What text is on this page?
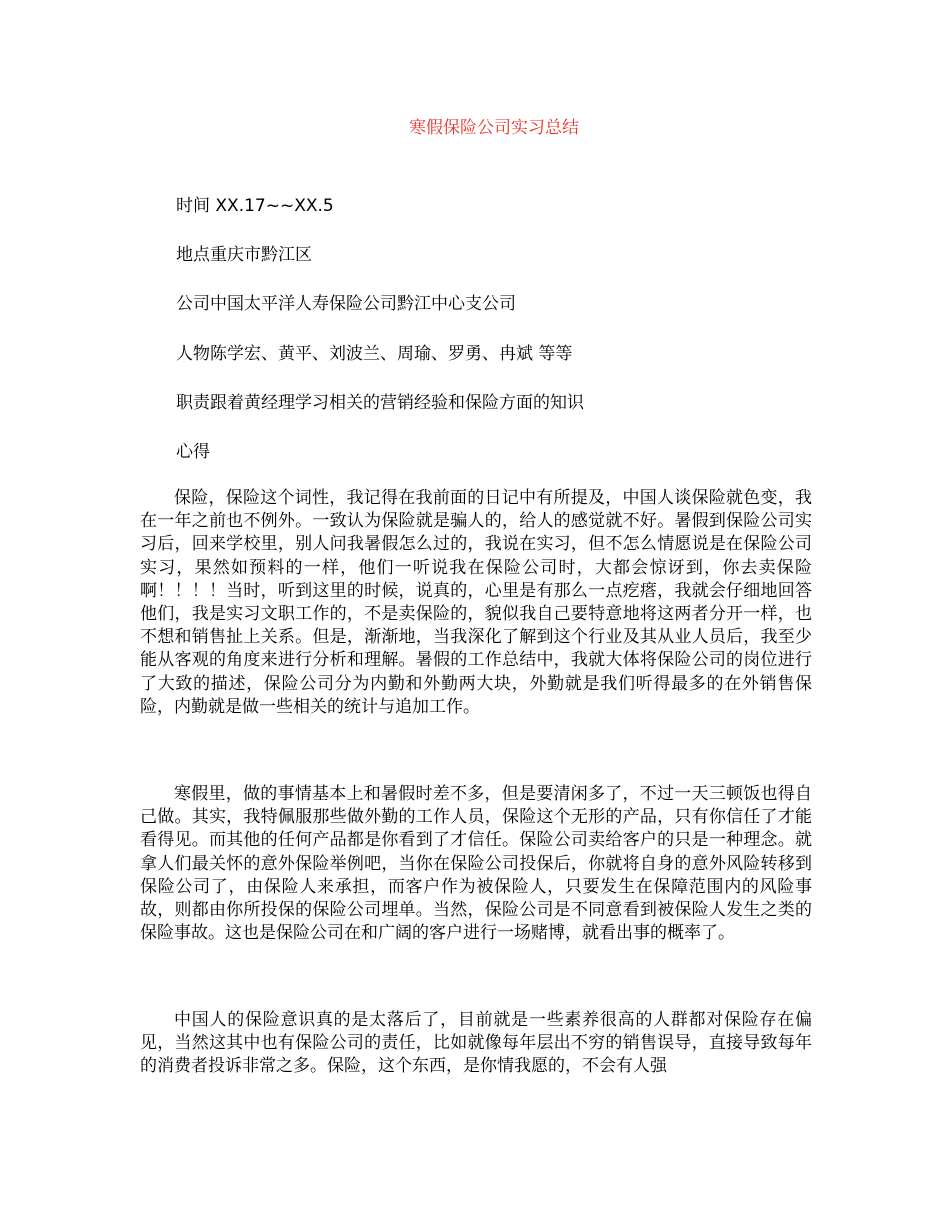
寒假保险公司实习总结
时间 XX.17~~XX.5
地点重庆市黔江区
公司中国太平洋人寿保险公司黔江中心支公司
人物陈学宏、黄平、刘波兰、周瑜、罗勇、冉斌 等等
职责跟着黄经理学习相关的营销经验和保险方面的知识
心得

保险，保险这个词性，我记得在我前面的日记中有所提及，中国人谈保险就色变，我在一年之前也不例外。一致认为保险就是骗人的，给人的感觉就不好。暑假到保险公司实习后，回来学校里，别人问我暑假怎么过的，我说在实习，但不怎么情愿说是在保险公司实习，果然如预料的一样，他们一听说我在保险公司时，大都会惊讶到，你去卖保险啊！！！！当时，听到这里的时候，说真的，心里是有那么一点疙瘩，我就会仔细地回答他们，我是实习文职工作的，不是卖保险的，貌似我自己要特意地将这两者分开一样，也不想和销售扯上关系。但是，渐渐地，当我深化了解到这个行业及其从业人员后，我至少能从客观的角度来进行分析和理解。暑假的工作总结中，我就大体将保险公司的岗位进行了大致的描述，保险公司分为内勤和外勤两大块，外勤就是我们听得最多的在外销售保险，内勤就是做一些相关的统计与追加工作。

寒假里，做的事情基本上和暑假时差不多，但是要清闲多了，不过一天三顿饭也得自己做。其实，我特佩服那些做外勤的工作人员，保险这个无形的产品，只有你信任了才能看得见。而其他的任何产品都是你看到了才信任。保险公司卖给客户的只是一种理念。就拿人们最关怀的意外保险举例吧，当你在保险公司投保后，你就将自身的意外风险转移到保险公司了，由保险人来承担，而客户作为被保险人，只要发生在保障范围内的风险事故，则都由你所投保的保险公司埋单。当然，保险公司是不同意看到被保险人发生之类的保险事故。这也是保险公司在和广阔的客户进行一场赌博，就看出事的概率了。

中国人的保险意识真的是太落后了，目前就是一些素养很高的人群都对保险存在偏见，当然这其中也有保险公司的责任，比如就像每年层出不穷的销售误导，直接导致每年的消费者投诉非常之多。保险，这个东西，是你情我愿的，不会有人强
